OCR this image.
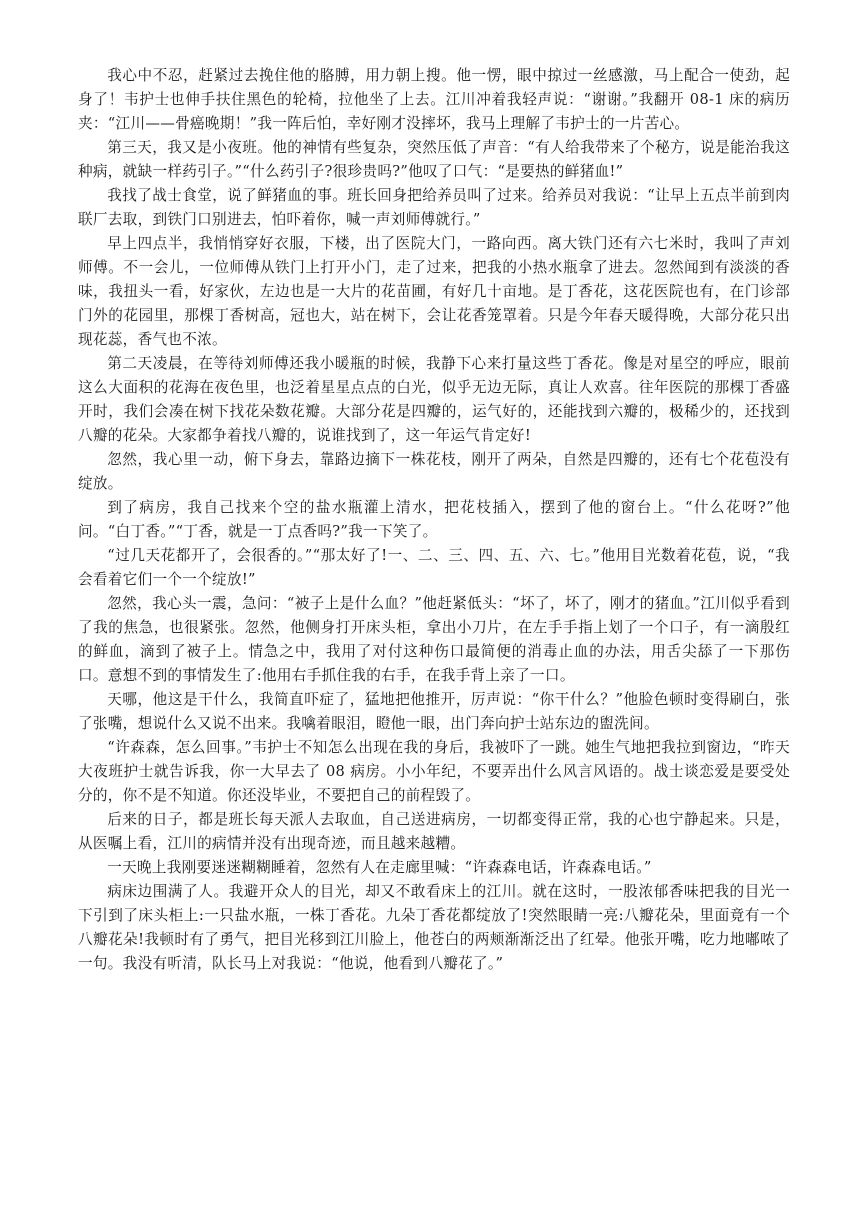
我心中不忍，赶紧过去挽住他的胳膊，用力朝上搜。他一愣，眼中掠过一丝感激，马上配合一使劲，起身了！韦护士也伸手扶住黑色的轮椅，拉他坐了上去。江川冲着我轻声说：“谢谢。”我翻开 08-1 床的病历夹：“江川——骨癌晚期！”我一阵后怕，幸好刚才没摔坏，我马上理解了韦护士的一片苦心。

第三天，我又是小夜班。他的神情有些复杂，突然压低了声音：“有人给我带来了个秘方，说是能治我这种病，就缺一样药引子。”“什么药引子?很珍贵吗?”他叹了口气：“是要热的鲜猪血!”

我找了战士食堂，说了鲜猪血的事。班长回身把给养员叫了过来。给养员对我说：“让早上五点半前到肉联厂去取，到铁门口别进去，怕吓着你，喊一声刘师傅就行。”

早上四点半，我悄悄穿好衣服，下楼，出了医院大门，一路向西。离大铁门还有六七米时，我叫了声刘师傅。不一会儿，一位师傅从铁门上打开小门，走了过来，把我的小热水瓶拿了进去。忽然闻到有淡淡的香味，我扭头一看，好家伙，左边也是一大片的花苗圃，有好几十亩地。是丁香花，这花医院也有，在门诊部门外的花园里，那棵丁香树高，冠也大，站在树下，会让花香笼罩着。只是今年春天暖得晚，大部分花只出现花蕊，香气也不浓。

第二天凌晨，在等待刘师傅还我小暖瓶的时候，我静下心来打量这些丁香花。像是对星空的呼应，眼前这么大面积的花海在夜色里，也泛着星星点点的白光，似乎无边无际，真让人欢喜。往年医院的那棵丁香盛开时，我们会凑在树下找花朵数花瓣。大部分花是四瓣的，运气好的，还能找到六瓣的，极稀少的，还找到八瓣的花朵。大家都争着找八瓣的，说谁找到了，这一年运气肯定好!

忽然，我心里一动，俯下身去，靠路边摘下一株花枝，刚开了两朵，自然是四瓣的，还有七个花苞没有绽放。

到了病房，我自己找来个空的盐水瓶灌上清水，把花枝插入，摆到了他的窗台上。“什么花呀?”他问。“白丁香。”“丁香，就是一丁点香吗?”我一下笑了。

“过几天花都开了，会很香的。”“那太好了!一、二、三、四、五、六、七。”他用目光数着花苞，说，“我会看着它们一个一个绽放!”

忽然，我心头一震，急问：“被子上是什么血？”他赶紧低头：“坏了，坏了，刚才的猪血。”江川似乎看到了我的焦急，也很紧张。忽然，他侧身打开床头柜，拿出小刀片，在左手手指上划了一个口子，有一滴殷红的鲜血，滴到了被子上。情急之中，我用了对付这种伤口最简便的消毒止血的办法，用舌尖舔了一下那伤口。意想不到的事情发生了:他用右手抓住我的右手，在我手背上亲了一口。

天哪，他这是干什么，我简直吓症了，猛地把他推开，厉声说：“你干什么？”他脸色顿时变得刷白，张了张嘴，想说什么又说不出来。我噙着眼泪，瞪他一眼，出门奔向护士站东边的盥洗间。

“许森森，怎么回事。”韦护士不知怎么出现在我的身后，我被吓了一跳。她生气地把我拉到窗边，“昨天大夜班护士就告诉我，你一大早去了 08 病房。小小年纪，不要弄出什么风言风语的。战士谈恋爱是要受处分的，你不是不知道。你还没毕业，不要把自己的前程毁了。

后来的日子，都是班长每天派人去取血，自己送进病房，一切都变得正常，我的心也宁静起来。只是，从医嘱上看，江川的病情并没有出现奇迹，而且越来越糟。

一天晚上我刚要迷迷糊糊睡着，忽然有人在走廊里喊：“许森森电话，许森森电话。”

病床边围满了人。我避开众人的目光，却又不敢看床上的江川。就在这时，一股浓郁香味把我的目光一下引到了床头柜上:一只盐水瓶，一株丁香花。九朵丁香花都绽放了!突然眼睛一亮:八瓣花朵，里面竟有一个八瓣花朵!我顿时有了勇气，把目光移到江川脸上，他苍白的两颊渐渐泛出了红晕。他张开嘴，吃力地嘟哝了一句。我没有听清，队长马上对我说：“他说，他看到八瓣花了。”
